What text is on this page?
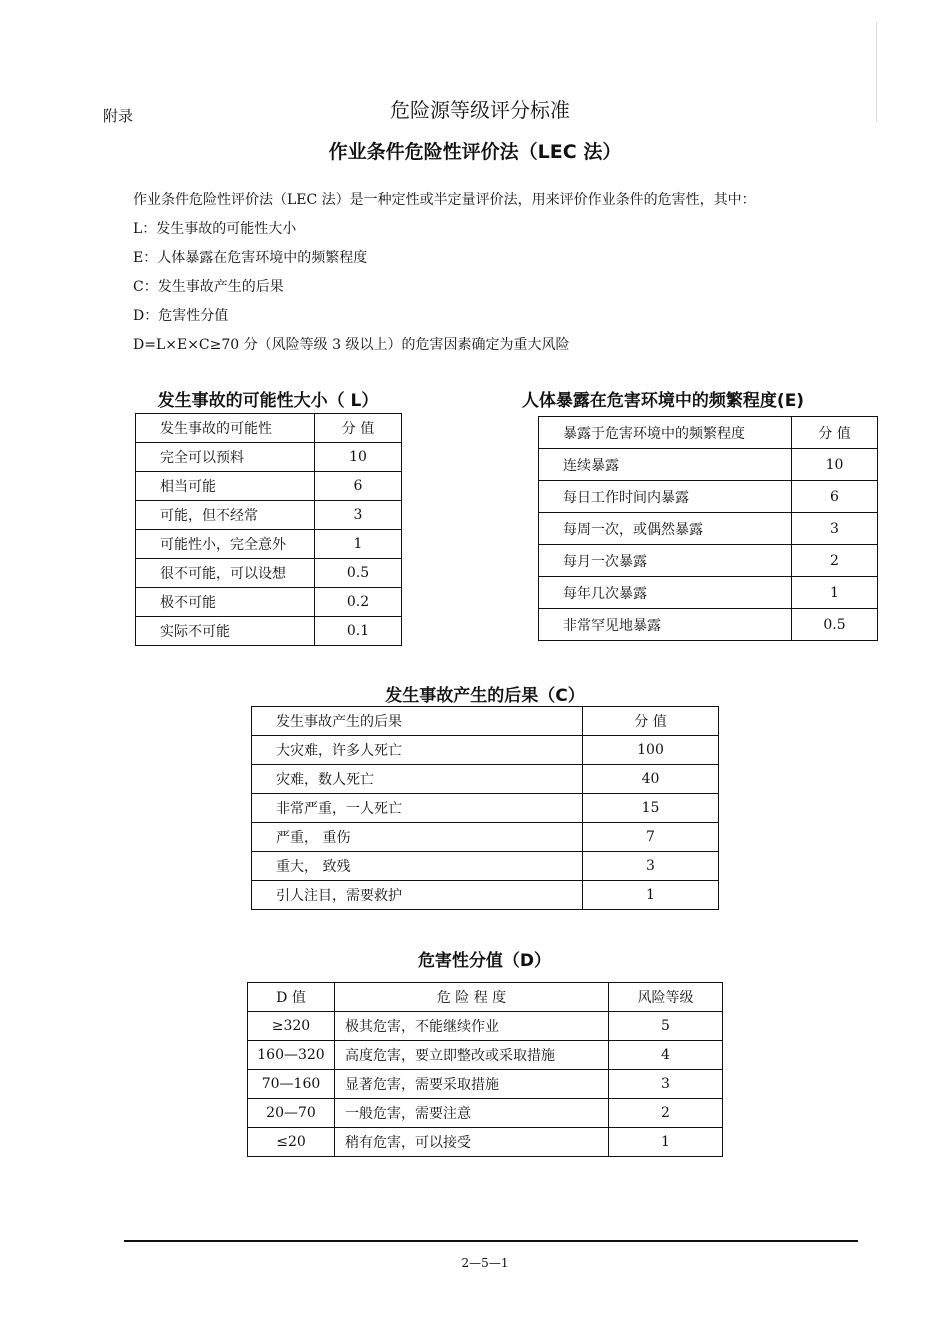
附录	危险源等级评分标准
作业条件危险性评价法（LEC 法）
作业条件危险性评价法（LEC 法）是一种定性或半定量评价法，用来评价作业条件的危害性，其中：
L：发生事故的可能性大小
E：人体暴露在危害环境中的频繁程度
C：发生事故产生的后果
D：危害性分值
D=L×E×C≥70 分（风险等级 3 级以上）的危害因素确定为重大风险
发生事故的可能性大小（ L）
发生事故的可能性	分 值
完全可以预料	10
相当可能	6
可能，但不经常	3
可能性小，完全意外	1
很不可能，可以设想	0.5
极不可能	0.2
实际不可能	0.1
人体暴露在危害环境中的频繁程度(E)
暴露于危害环境中的频繁程度	分 值
连续暴露	10
每日工作时间内暴露	6
每周一次，或偶然暴露	3
每月一次暴露	2
每年几次暴露	1
非常罕见地暴露	0.5
发生事故产生的后果（C）
发生事故产生的后果	分 值
大灾难，许多人死亡	100
灾难，数人死亡	40
非常严重，一人死亡	15
严重， 重伤	7
重大， 致残	3
引人注目，需要救护	1
危害性分值（D）
D 值	危 险 程 度	风险等级
≥320	极其危害，不能继续作业	5
160—320	高度危害，要立即整改或采取措施	4
70—160	显著危害，需要采取措施	3
20—70	一般危害，需要注意	2
≤20	稍有危害，可以接受	1
2—5—1
